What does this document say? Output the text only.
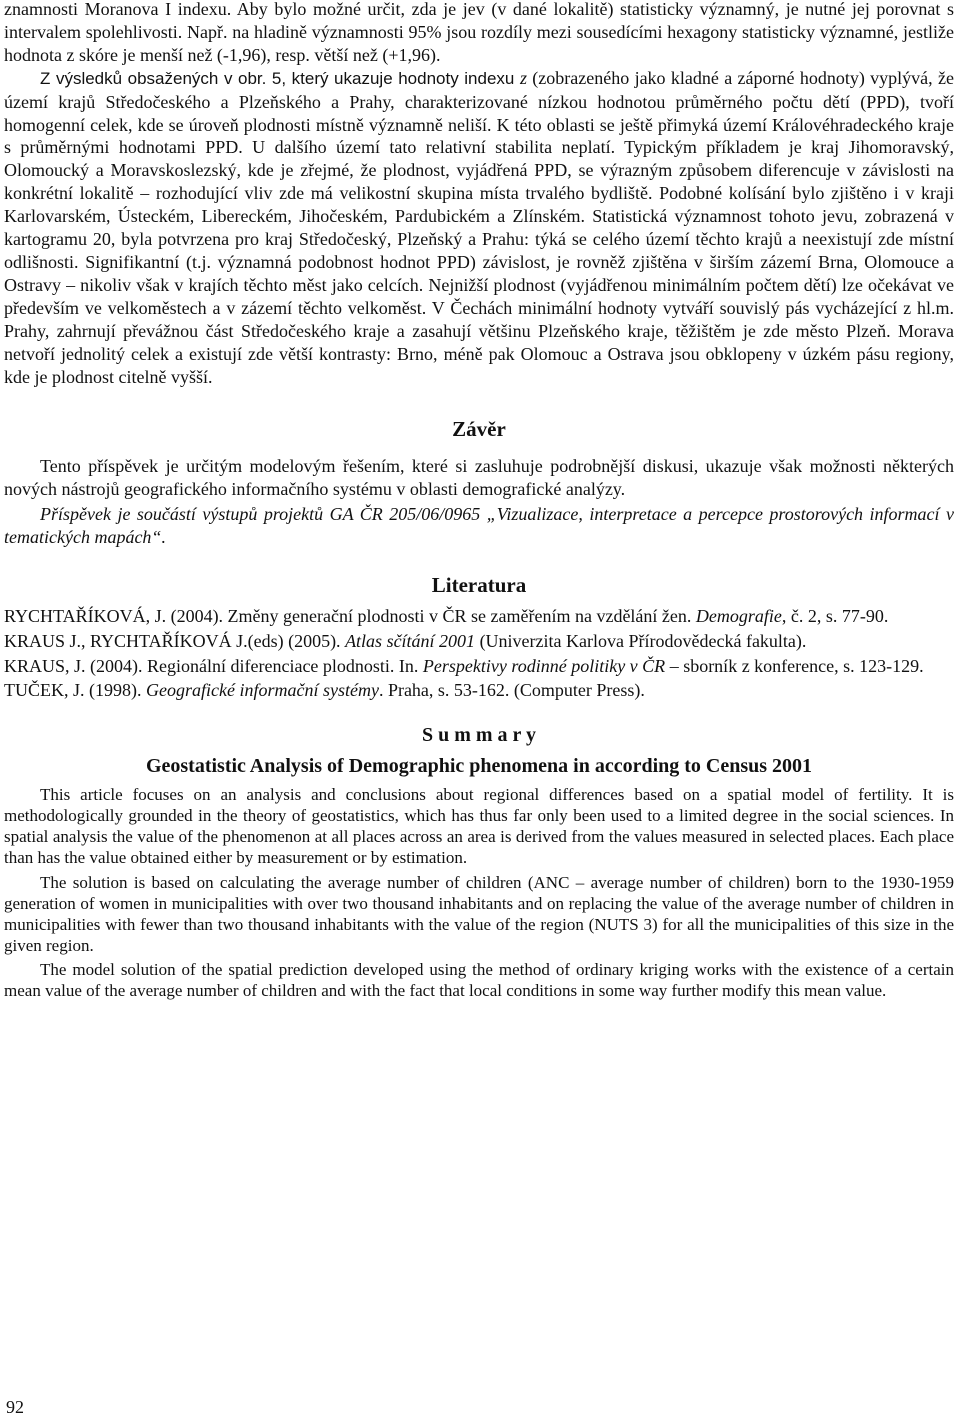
znamnosti Moranova I indexu. Aby bylo možné určit, zda je jev (v dané lokalitě) statisticky významný, je nutné jej porovnat s intervalem spolehlivosti. Např. na hladině významnosti 95% jsou rozdíly mezi sousedícími hexagony statisticky významné, jestliže hodnota z skóre je menší než (-1,96), resp. větší než (+1,96).

Z výsledků obsažených v obr. 5, který ukazuje hodnoty indexu z (zobrazeného jako kladné a záporné hodnoty) vyplývá, že území krajů Středočeského a Plzeňského a Prahy, charakterizované nízkou hodnotou průměrného počtu dětí (PPD), tvoří homogenní celek, kde se úroveň plodnosti místně významně neliší. K této oblasti se ještě přimyká území Královéhradeckého kraje s průměrnými hodnotami PPD. U dalšího území tato relativní stabilita neplatí. Typickým příkladem je kraj Jihomoravský, Olomoucký a Moravskoslezský, kde je zřejmé, že plodnost, vyjádřená PPD, se výrazným způsobem diferencuje v závislosti na konkrétní lokalitě – rozhodující vliv zde má velikostní skupina místa trvalého bydliště. Podobné kolísání bylo zjištěno i v kraji Karlovarském, Ústeckém, Libereckém, Jihočeském, Pardubickém a Zlínském. Statistická významnost tohoto jevu, zobrazená v kartogramu 20, byla potvrzena pro kraj Středočeský, Plzeňský a Prahu: týká se celého území těchto krajů a neexistují zde místní odlišnosti. Signifikantní (t.j. významná podobnost hodnot PPD) závislost, je rovněž zjištěna v širším zázemí Brna, Olomouce a Ostravy – nikoliv však v krajích těchto měst jako celcích. Nejnižší plodnost (vyjádřenou minimálním počtem dětí) lze očekávat ve především ve velkoměstech a v zázemí těchto velkoměst. V Čechách minimální hodnoty vytváří souvislý pás vycházející z hl.m. Prahy, zahrnují převážnou část Středočeského kraje a zasahují většinu Plzeňského kraje, těžištěm je zde město Plzeň. Morava netvoří jednolitý celek a existují zde větší kontrasty: Brno, méně pak Olomouc a Ostrava jsou obklopeny v úzkém pásu regiony, kde je plodnost citelně vyšší.

Závěr

Tento příspěvek je určitým modelovým řešením, které si zasluhuje podrobnější diskusi, ukazuje však možnosti některých nových nástrojů geografického informačního systému v oblasti demografické analýzy.

Příspěvek je součástí výstupů projektů GA ČR 205/06/0965 „Vizualizace, interpretace a percepce prostorových informací v tematických mapách“.

Literatura

RYCHTAŘÍKOVÁ, J. (2004). Změny generační plodnosti v ČR se zaměřením na vzdělání žen. Demografie, č. 2, s. 77-90.

KRAUS J., RYCHTAŘÍKOVÁ J.(eds) (2005). Atlas sčítání 2001 (Univerzita Karlova Přírodovědecká fakulta).

KRAUS, J. (2004). Regionální diferenciace plodnosti. In. Perspektivy rodinné politiky v ČR – sborník z konference, s. 123-129.

TUČEK, J. (1998). Geografické informační systémy. Praha, s. 53-162. (Computer Press).

S u m m a r y
Geostatistic Analysis of Demographic phenomena in according to Census 2001

This article focuses on an analysis and conclusions about regional differences based on a spatial model of fertility. It is methodologically grounded in the theory of geostatistics, which has thus far only been used to a limited degree in the social sciences. In spatial analysis the value of the phenomenon at all places across an area is derived from the values measured in selected places. Each place than has the value obtained either by measurement or by estimation.

The solution is based on calculating the average number of children (ANC – average number of children) born to the 1930-1959 generation of women in municipalities with over two thousand inhabitants and on replacing the value of the average number of children in municipalities with fewer than two thousand inhabitants with the value of the region (NUTS 3) for all the municipalities of this size in the given region.

The model solution of the spatial prediction developed using the method of ordinary kriging works with the existence of a certain mean value of the average number of children and with the fact that local conditions in some way further modify this mean value.

92
